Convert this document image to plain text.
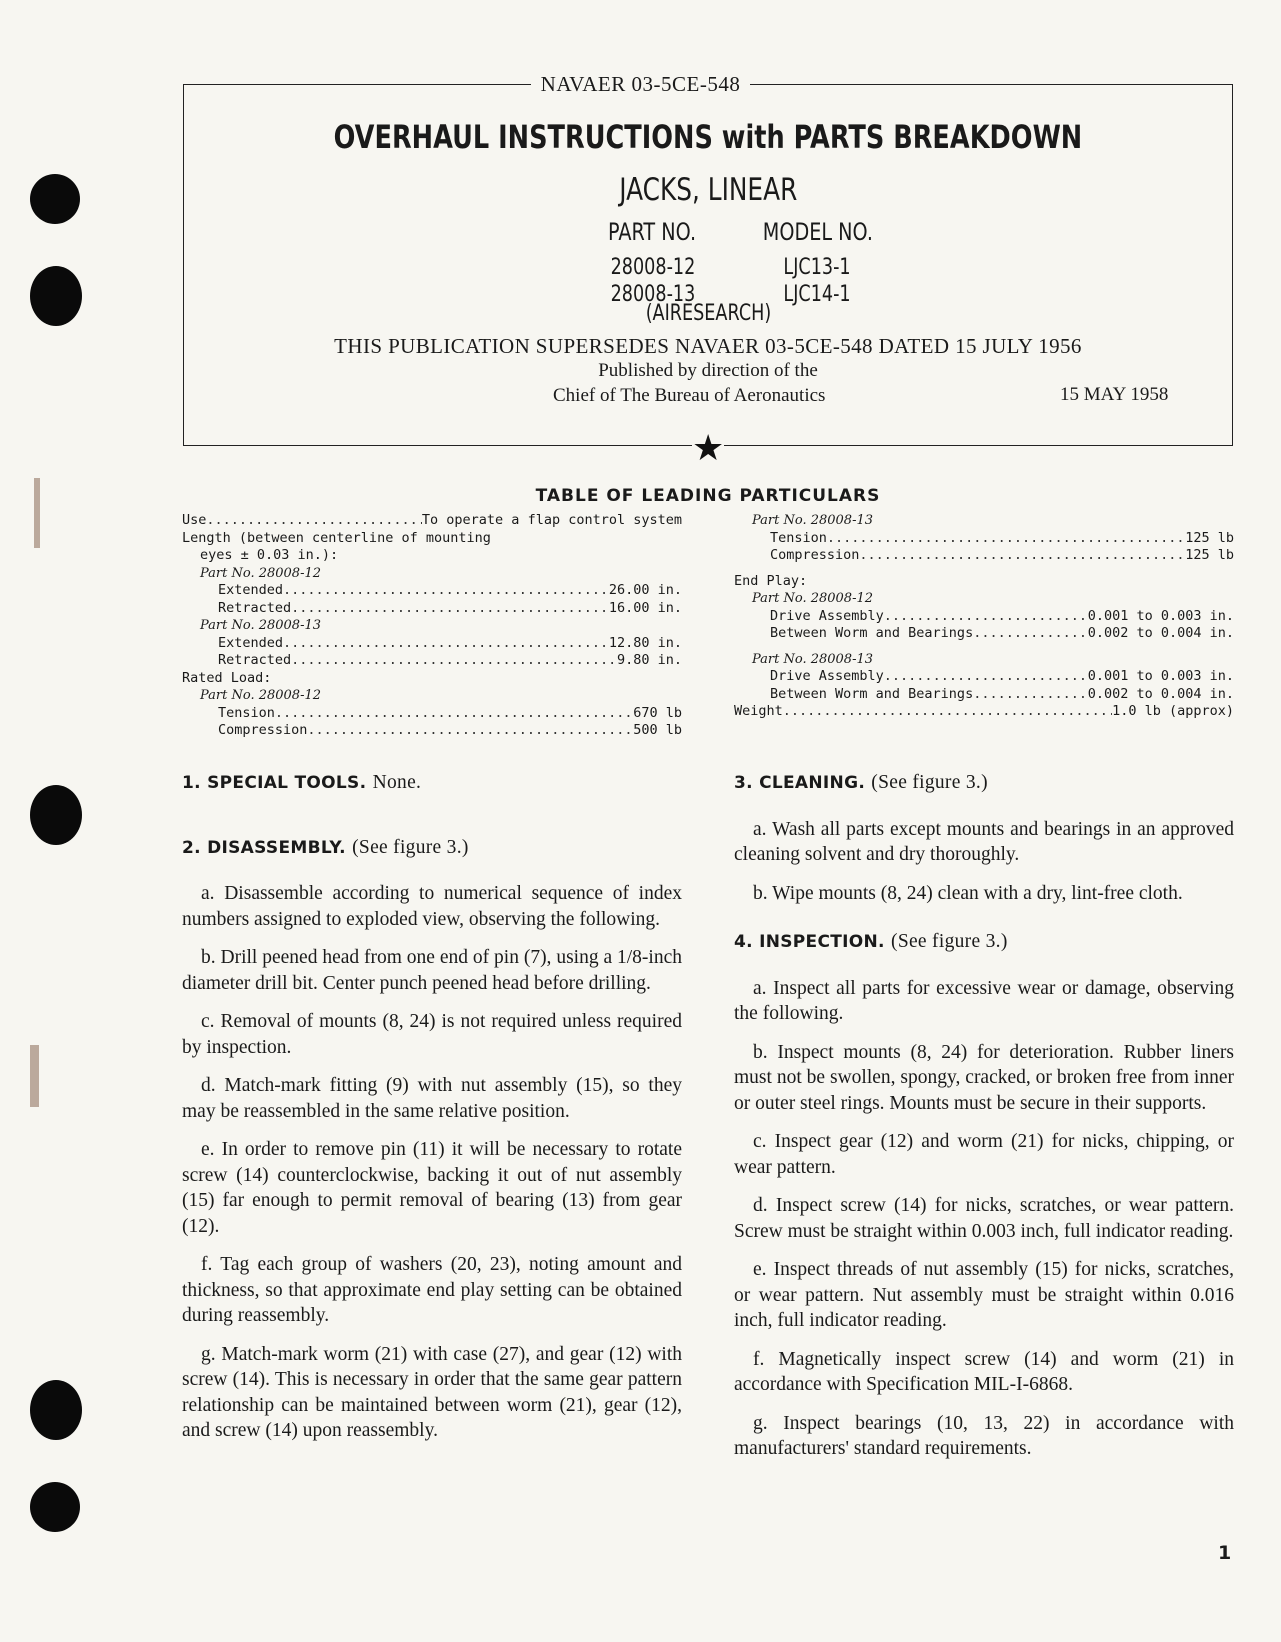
NAVAER 03-5CE-548
OVERHAUL INSTRUCTIONS with PARTS BREAKDOWN
JACKS, LINEAR
PART NO.	MODEL NO.
28008-12	LJC13-1
28008-13	LJC14-1
(AIRESEARCH)
THIS PUBLICATION SUPERSEDES NAVAER 03-5CE-548 DATED 15 JULY 1956
Published by direction of the
Chief of The Bureau of Aeronautics	15 MAY 1958
★
TABLE OF LEADING PARTICULARS
Use .....	To operate a flap control system
Length (between centerline of mounting
eyes ± 0.03 in.):
Part No. 28008-12
Extended .....	26.00 in.
Retracted .....	16.00 in.
Part No. 28008-13
Extended .....	12.80 in.
Retracted .....	9.80 in.
Rated Load:
Part No. 28008-12
Tension .....	670 lb
Compression .....	500 lb
Part No. 28008-13
Tension .....	125 lb
Compression .....	125 lb
End Play:
Part No. 28008-12
Drive Assembly .....	0.001 to 0.003 in.
Between Worm and Bearings .....	0.002 to 0.004 in.
Part No. 28008-13
Drive Assembly .....	0.001 to 0.003 in.
Between Worm and Bearings .....	0.002 to 0.004 in.
Weight .....	1.0 lb (approx)
1. SPECIAL TOOLS. None.
2. DISASSEMBLY. (See figure 3.)

a. Disassemble according to numerical sequence of index numbers assigned to exploded view, observing the following.

b. Drill peened head from one end of pin (7), using a 1/8-inch diameter drill bit. Center punch peened head before drilling.

c. Removal of mounts (8, 24) is not required unless required by inspection.

d. Match-mark fitting (9) with nut assembly (15), so they may be reassembled in the same relative position.

e. In order to remove pin (11) it will be necessary to rotate screw (14) counterclockwise, backing it out of nut assembly (15) far enough to permit removal of bearing (13) from gear (12).

f. Tag each group of washers (20, 23), noting amount and thickness, so that approximate end play setting can be obtained during reassembly.

g. Match-mark worm (21) with case (27), and gear (12) with screw (14). This is necessary in order that the same gear pattern relationship can be maintained between worm (21), gear (12), and screw (14) upon reassembly.

3. CLEANING. (See figure 3.)

a. Wash all parts except mounts and bearings in an approved cleaning solvent and dry thoroughly.

b. Wipe mounts (8, 24) clean with a dry, lint-free cloth.

4. INSPECTION. (See figure 3.)

a. Inspect all parts for excessive wear or damage, observing the following.

b. Inspect mounts (8, 24) for deterioration. Rubber liners must not be swollen, spongy, cracked, or broken free from inner or outer steel rings. Mounts must be secure in their supports.

c. Inspect gear (12) and worm (21) for nicks, chipping, or wear pattern.

d. Inspect screw (14) for nicks, scratches, or wear pattern. Screw must be straight within 0.003 inch, full indicator reading.

e. Inspect threads of nut assembly (15) for nicks, scratches, or wear pattern. Nut assembly must be straight within 0.016 inch, full indicator reading.

f. Magnetically inspect screw (14) and worm (21) in accordance with Specification MIL-I-6868.

g. Inspect bearings (10, 13, 22) in accordance with manufacturers' standard requirements.

1
